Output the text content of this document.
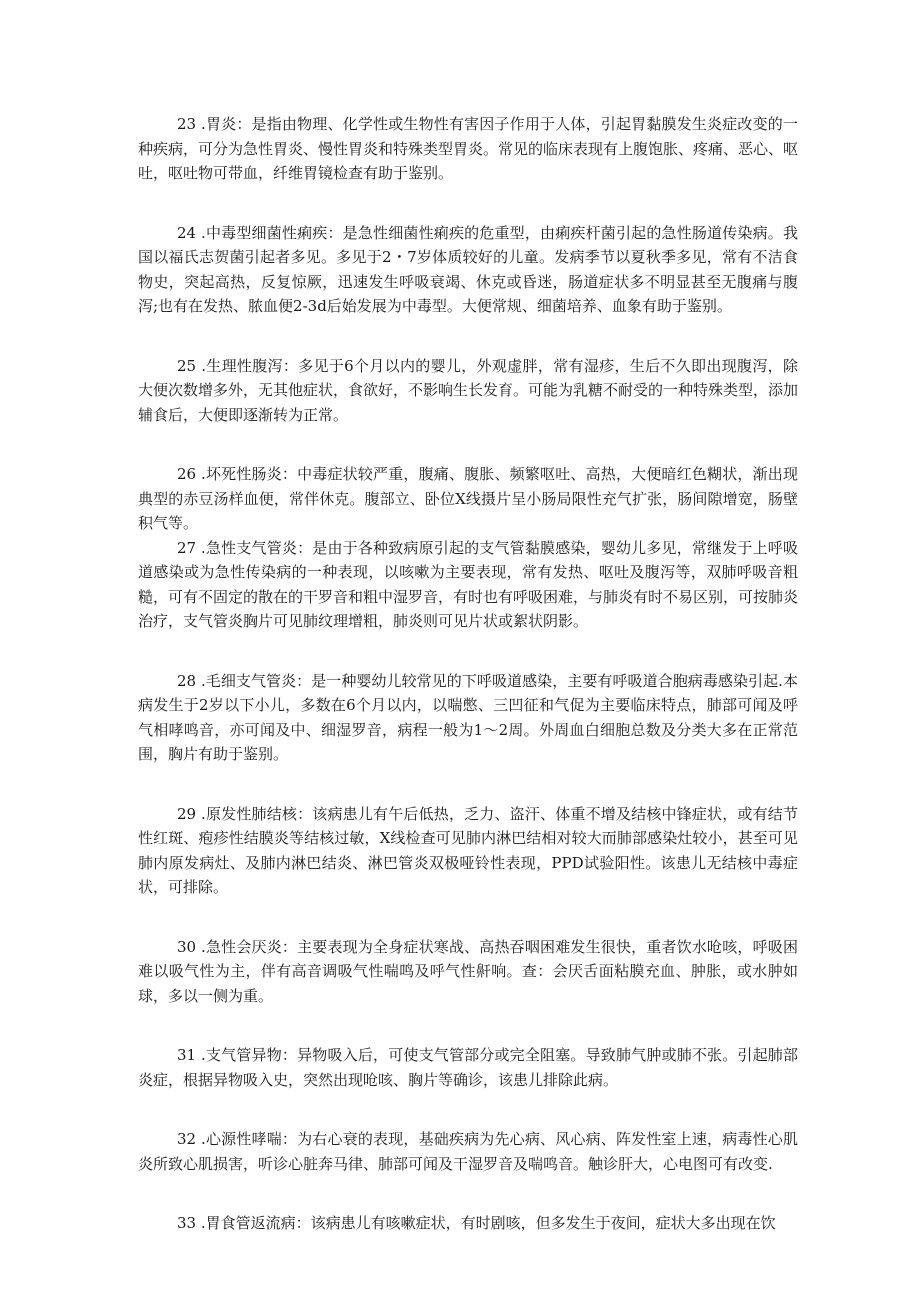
23 .胃炎：是指由物理、化学性或生物性有害因子作用于人体，引起胃黏膜发生炎症改变的一种疾病，可分为急性胃炎、慢性胃炎和特殊类型胃炎。常见的临床表现有上腹饱胀、疼痛、恶心、呕吐，呕吐物可带血，纤维胃镜检查有助于鉴别。

24 .中毒型细菌性痢疾：是急性细菌性痢疾的危重型，由痢疾杆菌引起的急性肠道传染病。我国以福氏志贺菌引起者多见。多见于2・7岁体质较好的儿童。发病季节以夏秋季多见，常有不洁食物史，突起高热，反复惊厥，迅速发生呼吸衰竭、休克或昏迷，肠道症状多不明显甚至无腹痛与腹泻;也有在发热、脓血便2-3d后始发展为中毒型。大便常规、细菌培养、血象有助于鉴别。

25 .生理性腹泻：多见于6个月以内的婴儿，外观虚胖，常有湿疹，生后不久即出现腹泻，除大便次数增多外，无其他症状，食欲好，不影响生长发育。可能为乳糖不耐受的一种特殊类型，添加辅食后，大便即逐渐转为正常。

26 .坏死性肠炎：中毒症状较严重，腹痛、腹胀、频繁呕吐、高热，大便暗红色糊状，渐出现典型的赤豆汤样血便，常伴休克。腹部立、卧位X线摄片呈小肠局限性充气扩张，肠间隙增宽，肠壁积气等。

27 .急性支气管炎：是由于各种致病原引起的支气管黏膜感染，婴幼儿多见，常继发于上呼吸道感染或为急性传染病的一种表现，以咳嗽为主要表现，常有发热、呕吐及腹泻等，双肺呼吸音粗糙，可有不固定的散在的干罗音和粗中湿罗音，有时也有呼吸困难，与肺炎有时不易区别，可按肺炎治疗，支气管炎胸片可见肺纹理增粗，肺炎则可见片状或絮状阴影。

28 .毛细支气管炎：是一种婴幼儿较常见的下呼吸道感染，主要有呼吸道合胞病毒感染引起.本病发生于2岁以下小儿，多数在6个月以内，以喘憋、三凹征和气促为主要临床特点，肺部可闻及呼气相哮鸣音，亦可闻及中、细湿罗音，病程一般为1～2周。外周血白细胞总数及分类大多在正常范围，胸片有助于鉴别。

29 .原发性肺结核：该病患儿有午后低热，乏力、盗汗、体重不增及结核中锋症状，或有结节性红斑、疱疹性结膜炎等结核过敏，X线检查可见肺内淋巴结相对较大而肺部感染灶较小，甚至可见肺内原发病灶、及肺内淋巴结炎、淋巴管炎双极哑铃性表现，PPD试验阳性。该患儿无结核中毒症状，可排除。

30 .急性会厌炎：主要表现为全身症状寒战、高热吞咽困难发生很快，重者饮水呛咳，呼吸困难以吸气性为主，伴有高音调吸气性喘鸣及呼气性鼾响。查：会厌舌面粘膜充血、肿胀，或水肿如球，多以一侧为重。

31 .支气管异物：异物吸入后，可使支气管部分或完全阻塞。导致肺气肿或肺不张。引起肺部炎症，根据异物吸入史，突然出现呛咳、胸片等确诊，该患儿排除此病。

32 .心源性哮喘：为右心衰的表现，基础疾病为先心病、风心病、阵发性室上速，病毒性心肌炎所致心肌损害，听诊心脏奔马律、肺部可闻及干湿罗音及喘鸣音。触诊肝大，心电图可有改变.

33 .胃食管返流病：该病患儿有咳嗽症状，有时剧咳，但多发生于夜间，症状大多出现在饮
